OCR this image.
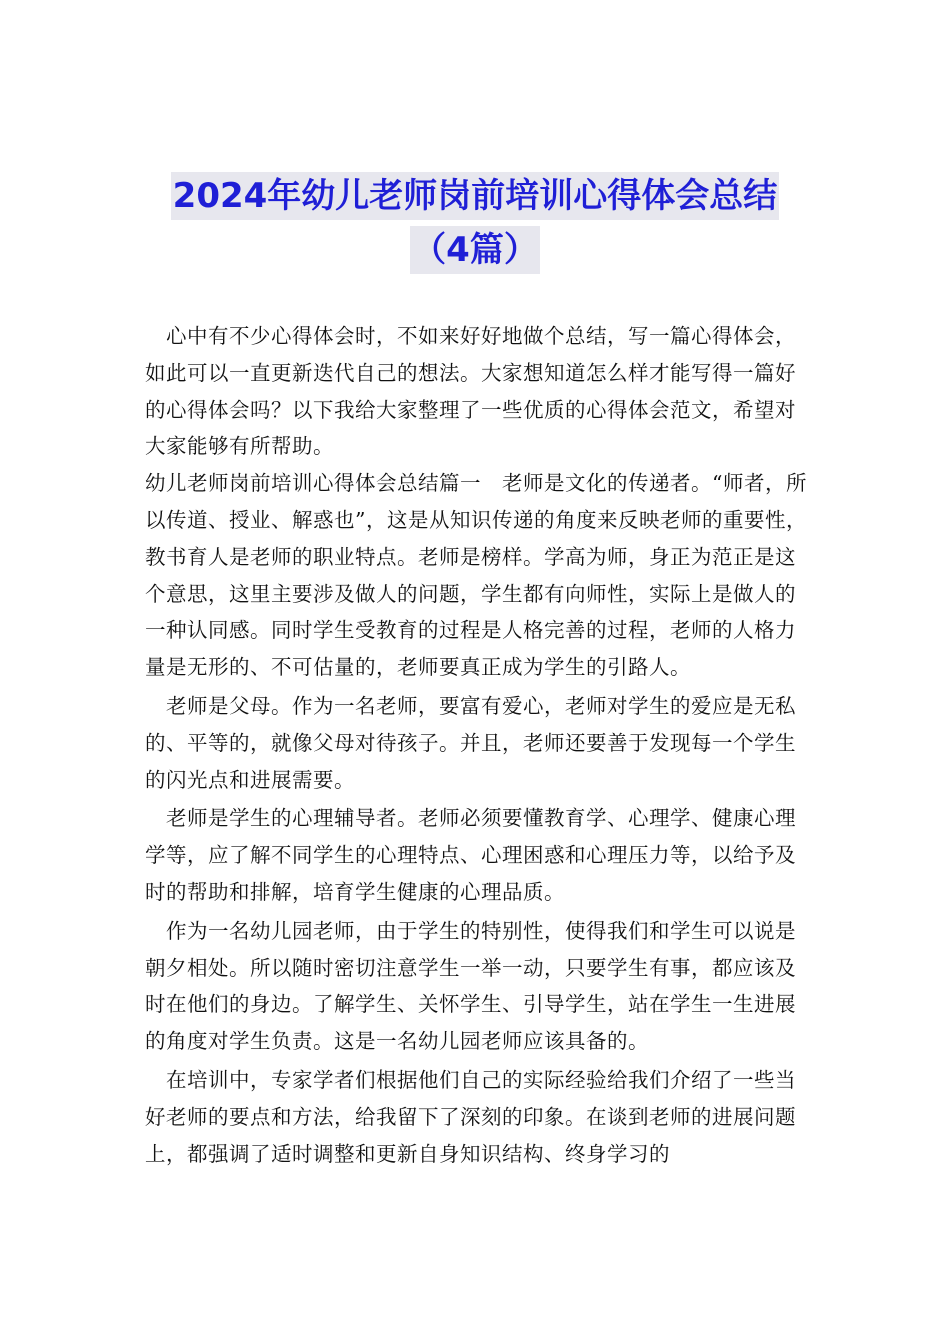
2024年幼儿老师岗前培训心得体会总结
（4篇）

心中有不少心得体会时，不如来好好地做个总结，写一篇心得体会，如此可以一直更新迭代自己的想法。大家想知道怎么样才能写得一篇好的心得体会吗？以下我给大家整理了一些优质的心得体会范文，希望对大家能够有所帮助。

幼儿老师岗前培训心得体会总结篇一　老师是文化的传递者。“师者，所以传道、授业、解惑也”，这是从知识传递的角度来反映老师的重要性，教书育人是老师的职业特点。老师是榜样。学高为师，身正为范正是这个意思，这里主要涉及做人的问题，学生都有向师性，实际上是做人的一种认同感。同时学生受教育的过程是人格完善的过程，老师的人格力量是无形的、不可估量的，老师要真正成为学生的引路人。

老师是父母。作为一名老师，要富有爱心，老师对学生的爱应是无私的、平等的，就像父母对待孩子。并且，老师还要善于发现每一个学生的闪光点和进展需要。

老师是学生的心理辅导者。老师必须要懂教育学、心理学、健康心理学等，应了解不同学生的心理特点、心理困惑和心理压力等，以给予及时的帮助和排解，培育学生健康的心理品质。

作为一名幼儿园老师，由于学生的特别性，使得我们和学生可以说是朝夕相处。所以随时密切注意学生一举一动，只要学生有事，都应该及时在他们的身边。了解学生、关怀学生、引导学生，站在学生一生进展的角度对学生负责。这是一名幼儿园老师应该具备的。

在培训中，专家学者们根据他们自己的实际经验给我们介绍了一些当好老师的要点和方法，给我留下了深刻的印象。在谈到老师的进展问题上，都强调了适时调整和更新自身知识结构、终身学习的
